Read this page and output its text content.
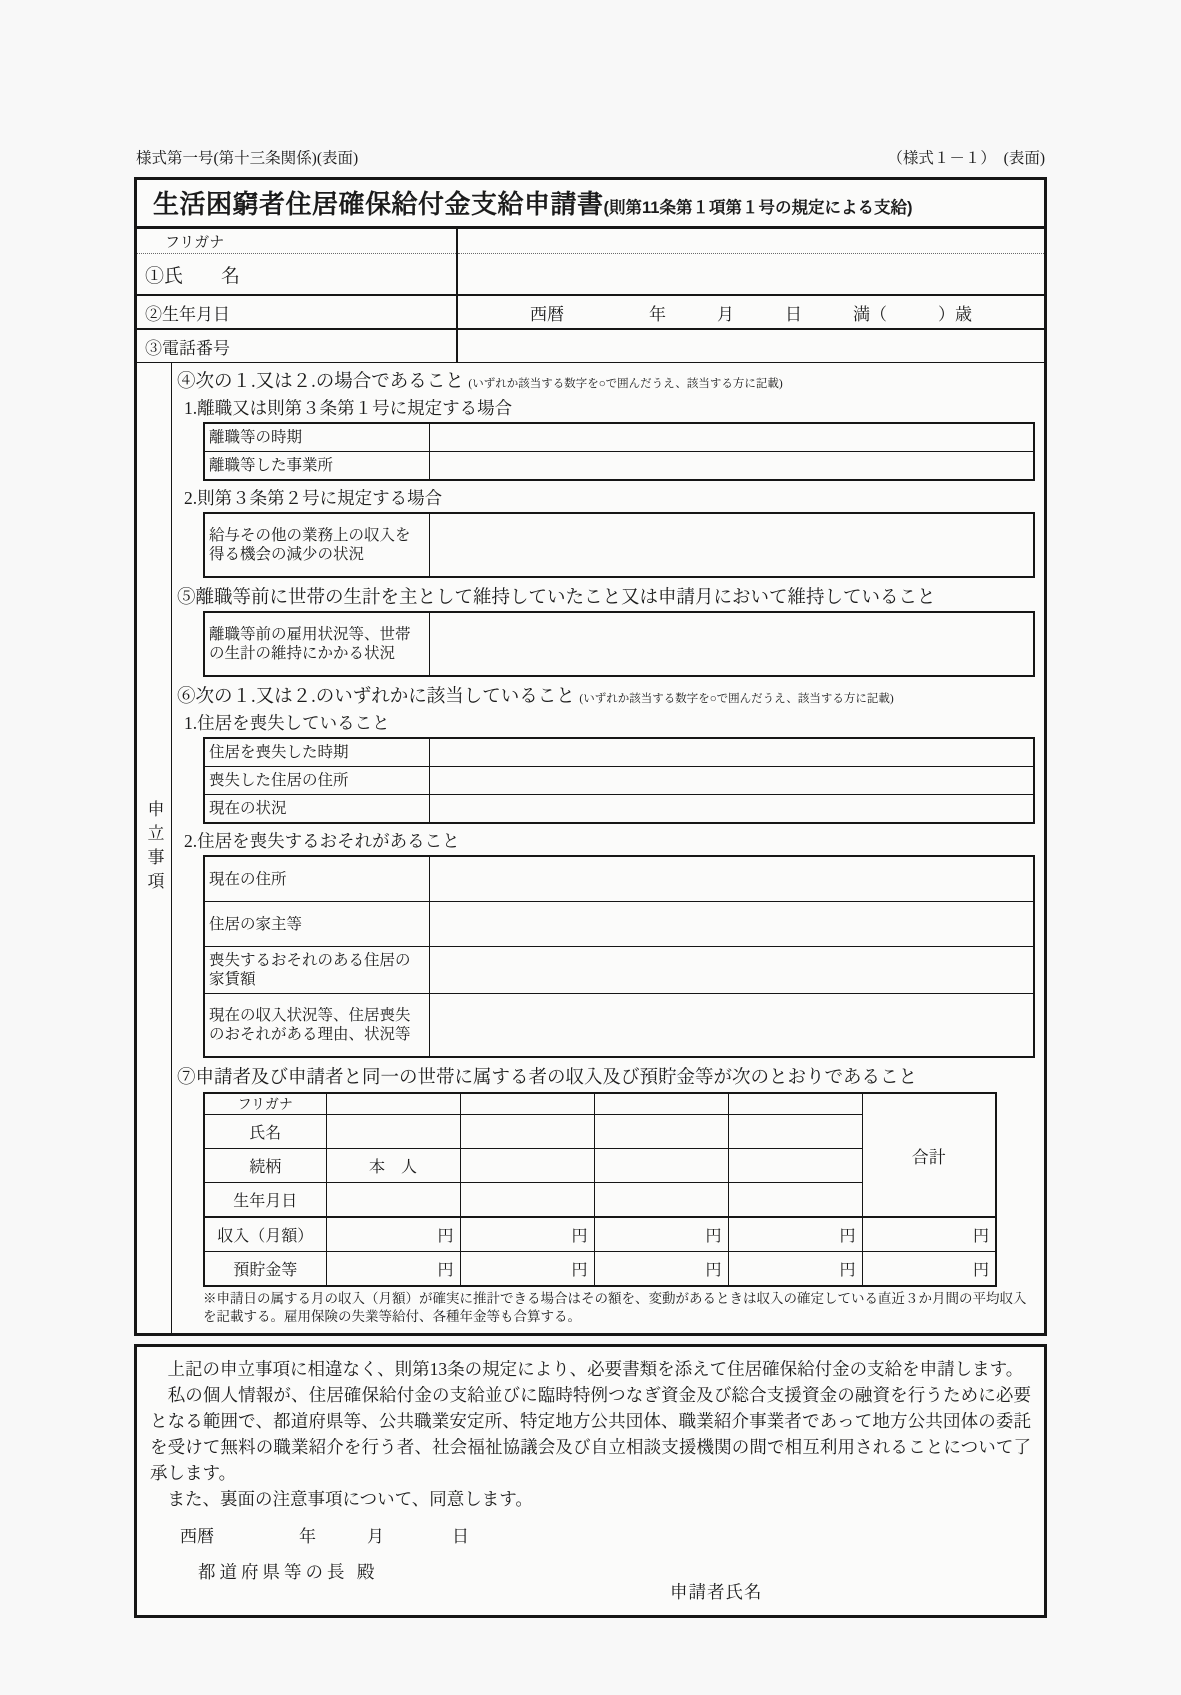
様式第一号(第十三条関係)(表面)	（様式１－１）　(表面)
生活困窮者住居確保給付金支給申請書(則第11条第１項第１号の規定による支給)
フリガナ	
①氏　　名	
②生年月日	西暦　　　　　年　　　月　　　日　　　満（　　　）歳
③電話番号	
申立事項
④次の１.又は２.の場合であること (いずれか該当する数字を○で囲んだうえ、該当する方に記載)
1.離職又は則第３条第１号に規定する場合
離職等の時期	
離職等した事業所	
2.則第３条第２号に規定する場合
給与その他の業務上の収入を得る機会の減少の状況	
⑤離職等前に世帯の生計を主として維持していたこと又は申請月において維持していること
離職等前の雇用状況等、世帯の生計の維持にかかる状況	
⑥次の１.又は２.のいずれかに該当していること (いずれか該当する数字を○で囲んだうえ、該当する方に記載)
1.住居を喪失していること
住居を喪失した時期	
喪失した住居の住所	
現在の状況	
2.住居を喪失するおそれがあること
現在の住所	
住居の家主等	
喪失するおそれのある住居の家賃額	
現在の収入状況等、住居喪失のおそれがある理由、状況等	
⑦申請者及び申請者と同一の世帯に属する者の収入及び預貯金等が次のとおりであること
フリガナ					合計
氏名					
続柄	本　人				
生年月日					
収入（月額）	円	円	円	円	円
預貯金等	円	円	円	円	円
※申請日の属する月の収入（月額）が確実に推計できる場合はその額を、変動があるときは収入の確定している直近３か月間の平均収入を記載する。雇用保険の失業等給付、各種年金等も合算する。

　上記の申立事項に相違なく、則第13条の規定により、必要書類を添えて住居確保給付金の支給を申請します。

　私の個人情報が、住居確保給付金の支給並びに臨時特例つなぎ資金及び総合支援資金の融資を行うために必要となる範囲で、都道府県等、公共職業安定所、特定地方公共団体、職業紹介事業者であって地方公共団体の委託を受けて無料の職業紹介を行う者、社会福祉協議会及び自立相談支援機関の間で相互利用されることについて了承します。

　また、裏面の注意事項について、同意します。

西暦　　　　　年　　　月　　　　日
都道府県等の長 殿
申請者氏名
